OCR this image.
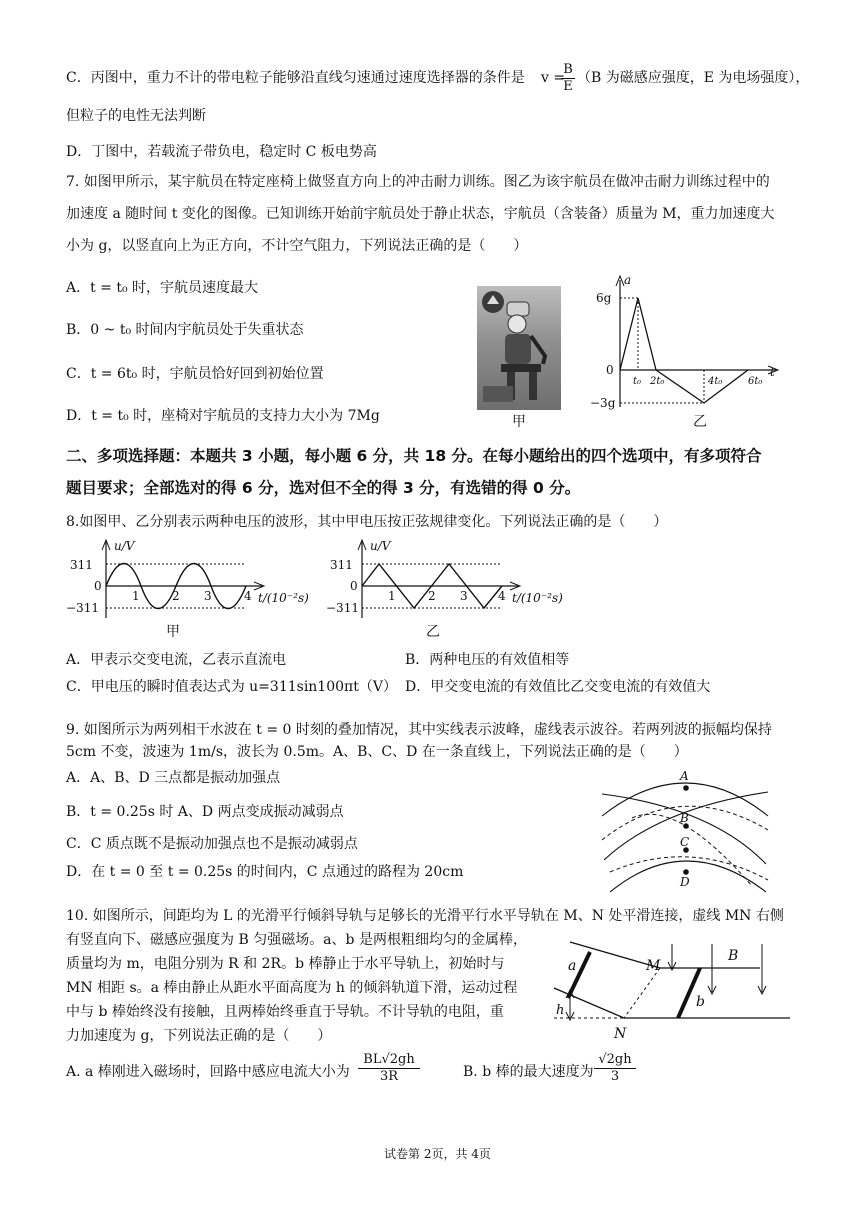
C．丙图中，重力不计的带电粒子能够沿直线匀速通过速度选择器的条件是 v =
$\frac{B}{E} (B$ 为磁感应强度，E 为电场强度），
但粒子的电性无法判断
D．丁图中，若载流子带负电，稳定时 C 板电势高
7. 如图甲所示，某宇航员在特定座椅上做竖直方向上的冲击耐力训练。图乙为该宇航员在做冲击耐力训练过程中的
加速度 a 随时间 t 变化的图像。已知训练开始前宇航员处于静止状态，宇航员（含装备）质量为 M，重力加速度大
小为 g，以竖直向上为正方向，不计空气阻力，下列说法正确的是（　　）
A．t = t₀ 时，宇航员速度最大
B．0 ~ t₀ 时间内宇航员处于失重状态
C．t = 6t₀ 时，宇航员恰好回到初始位置
D．t = t₀ 时，座椅对宇航员的支持力大小为 7Mg	甲
a
t
6g
0
−3g
t₀ 2t₀	4t₀	6t₀
乙
二、多项选择题：本题共 3 小题，每小题 6 分，共 18 分。在每小题给出的四个选项中，有多项符合
题目要求；全部选对的得 6 分，选对但不全的得 3 分，有选错的得 0 分。
8.如图甲、乙分别表示两种电压的波形，其中甲电压按正弦规律变化。下列说法正确的是（　　）
u/V
311
0
−311
1	2 3	4 t/(10⁻²s)
甲
u/V
311
0
−311
1	2 3	4 t/(10⁻²s)
乙
A．甲表示交变电流，乙表示直流电	B．两种电压的有效值相等
C．甲电压的瞬时值表达式为 u=311sin100πt（V） D．甲交变电流的有效值比乙交变电流的有效值大
9. 如图所示为两列相干水波在 t = 0 时刻的叠加情况，其中实线表示波峰，虚线表示波谷。若两列波的振幅均保持
5cm 不变，波速为 1m/s，波长为 0.5m。A、B、C、D 在一条直线上，下列说法正确的是（　　）
A．A、B、D 三点都是振动加强点
B．t = 0.25s 时 A、D 两点变成振动减弱点
C．C 质点既不是振动加强点也不是振动减弱点
D．在 t = 0 至 t = 0.25s 的时间内，C 点通过的路程为 20cm
A
B
C
D
10. 如图所示，间距均为 L 的光滑平行倾斜导轨与足够长的光滑平行水平导轨在 M、N 处平滑连接，虚线 MN 右侧
有竖直向下、磁感应强度为 B 匀强磁场。a、b 是两根粗细均匀的金属棒，
质量均为 m，电阻分别为 R 和 2R。b 棒静止于水平导轨上，初始时与
MN 相距 s。a 棒由静止从距水平面高度为 h 的倾斜轨道下滑，运动过程
中与 b 棒始终没有接触，且两棒始终垂直于导轨。不计导轨的电阻，重
力加速度为 g，下列说法正确的是（　　）
a
b
M
N
B
h
A. a 棒刚进入磁场时，回路中感应电流大小为 $\frac{BL√2gh}{3R}$	B. b 棒的最大速度为 $\frac{√2gh}{3}$
试卷第 2页，共 4页
